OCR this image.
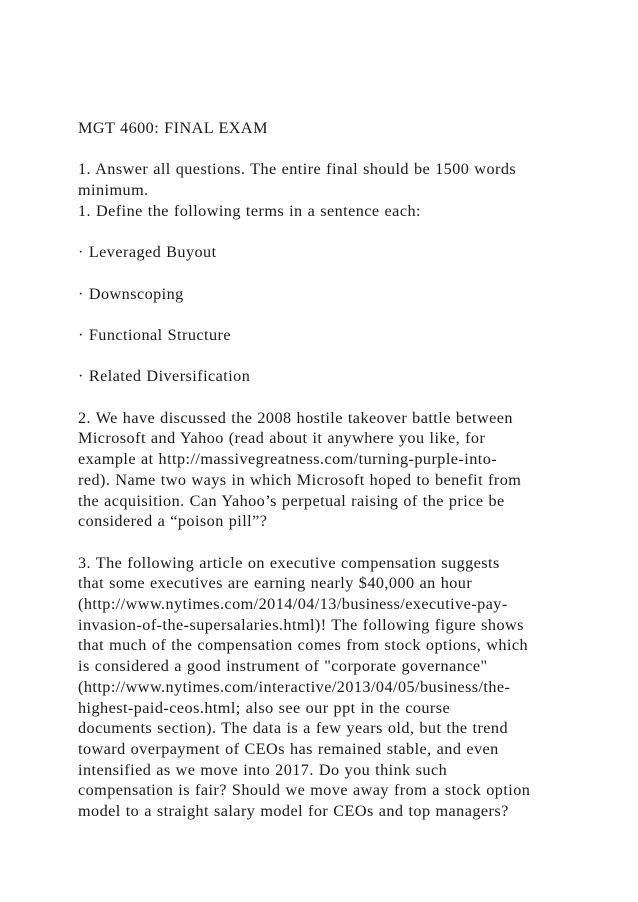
MGT 4600: FINAL EXAM

1. Answer all questions. The entire final should be 1500 words
minimum.
1. Define the following terms in a sentence each:

· Leveraged Buyout

· Downscoping

· Functional Structure

· Related Diversification

2. We have discussed the 2008 hostile takeover battle between
Microsoft and Yahoo (read about it anywhere you like, for
example at http://massivegreatness.com/turning-purple-into-
red). Name two ways in which Microsoft hoped to benefit from
the acquisition. Can Yahoo’s perpetual raising of the price be
considered a “poison pill”?

3. The following article on executive compensation suggests
that some executives are earning nearly $40,000 an hour
(http://www.nytimes.com/2014/04/13/business/executive-pay-
invasion-of-the-supersalaries.html)! The following figure shows
that much of the compensation comes from stock options, which
is considered a good instrument of "corporate governance"
(http://www.nytimes.com/interactive/2013/04/05/business/the-
highest-paid-ceos.html; also see our ppt in the course
documents section). The data is a few years old, but the trend
toward overpayment of CEOs has remained stable, and even
intensified as we move into 2017. Do you think such
compensation is fair? Should we move away from a stock option
model to a straight salary model for CEOs and top managers?
